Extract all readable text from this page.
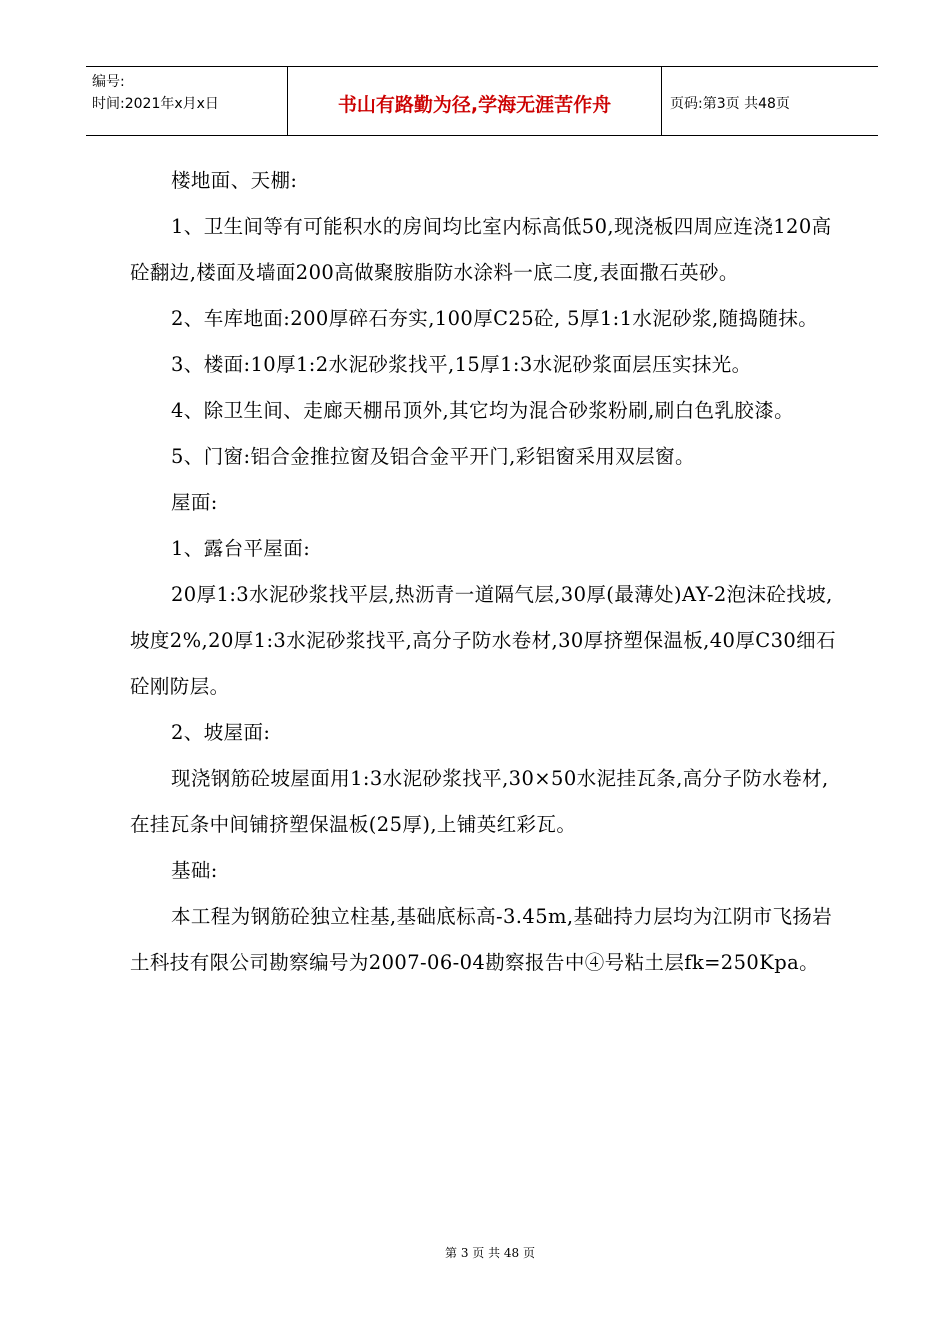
编号:
时间:2021年x月x日	书山有路勤为径,学海无涯苦作舟	页码:第3页 共48页

楼地面、天棚:

1、卫生间等有可能积水的房间均比室内标高低50,现浇板四周应连浇120高砼翻边,楼面及墙面200高做聚胺脂防水涂料一底二度,表面撒石英砂。

2、车库地面:200厚碎石夯实,100厚C25砼, 5厚1:1水泥砂浆,随捣随抹。

3、楼面:10厚1:2水泥砂浆找平,15厚1:3水泥砂浆面层压实抹光。

4、除卫生间、走廊天棚吊顶外,其它均为混合砂浆粉刷,刷白色乳胶漆。

5、门窗:铝合金推拉窗及铝合金平开门,彩铝窗采用双层窗。

屋面:

1、露台平屋面:

20厚1:3水泥砂浆找平层,热沥青一道隔气层,30厚(最薄处)AY-2泡沫砼找坡,坡度2%,20厚1:3水泥砂浆找平,高分子防水卷材,30厚挤塑保温板,40厚C30细石砼刚防层。

2、坡屋面:

现浇钢筋砼坡屋面用1:3水泥砂浆找平,30×50水泥挂瓦条,高分子防水卷材,在挂瓦条中间铺挤塑保温板(25厚),上铺英红彩瓦。

基础:

本工程为钢筋砼独立柱基,基础底标高-3.45m,基础持力层均为江阴市飞扬岩土科技有限公司勘察编号为2007-06-04勘察报告中④号粘土层fk=250Kpa。

第 3 页 共 48 页
